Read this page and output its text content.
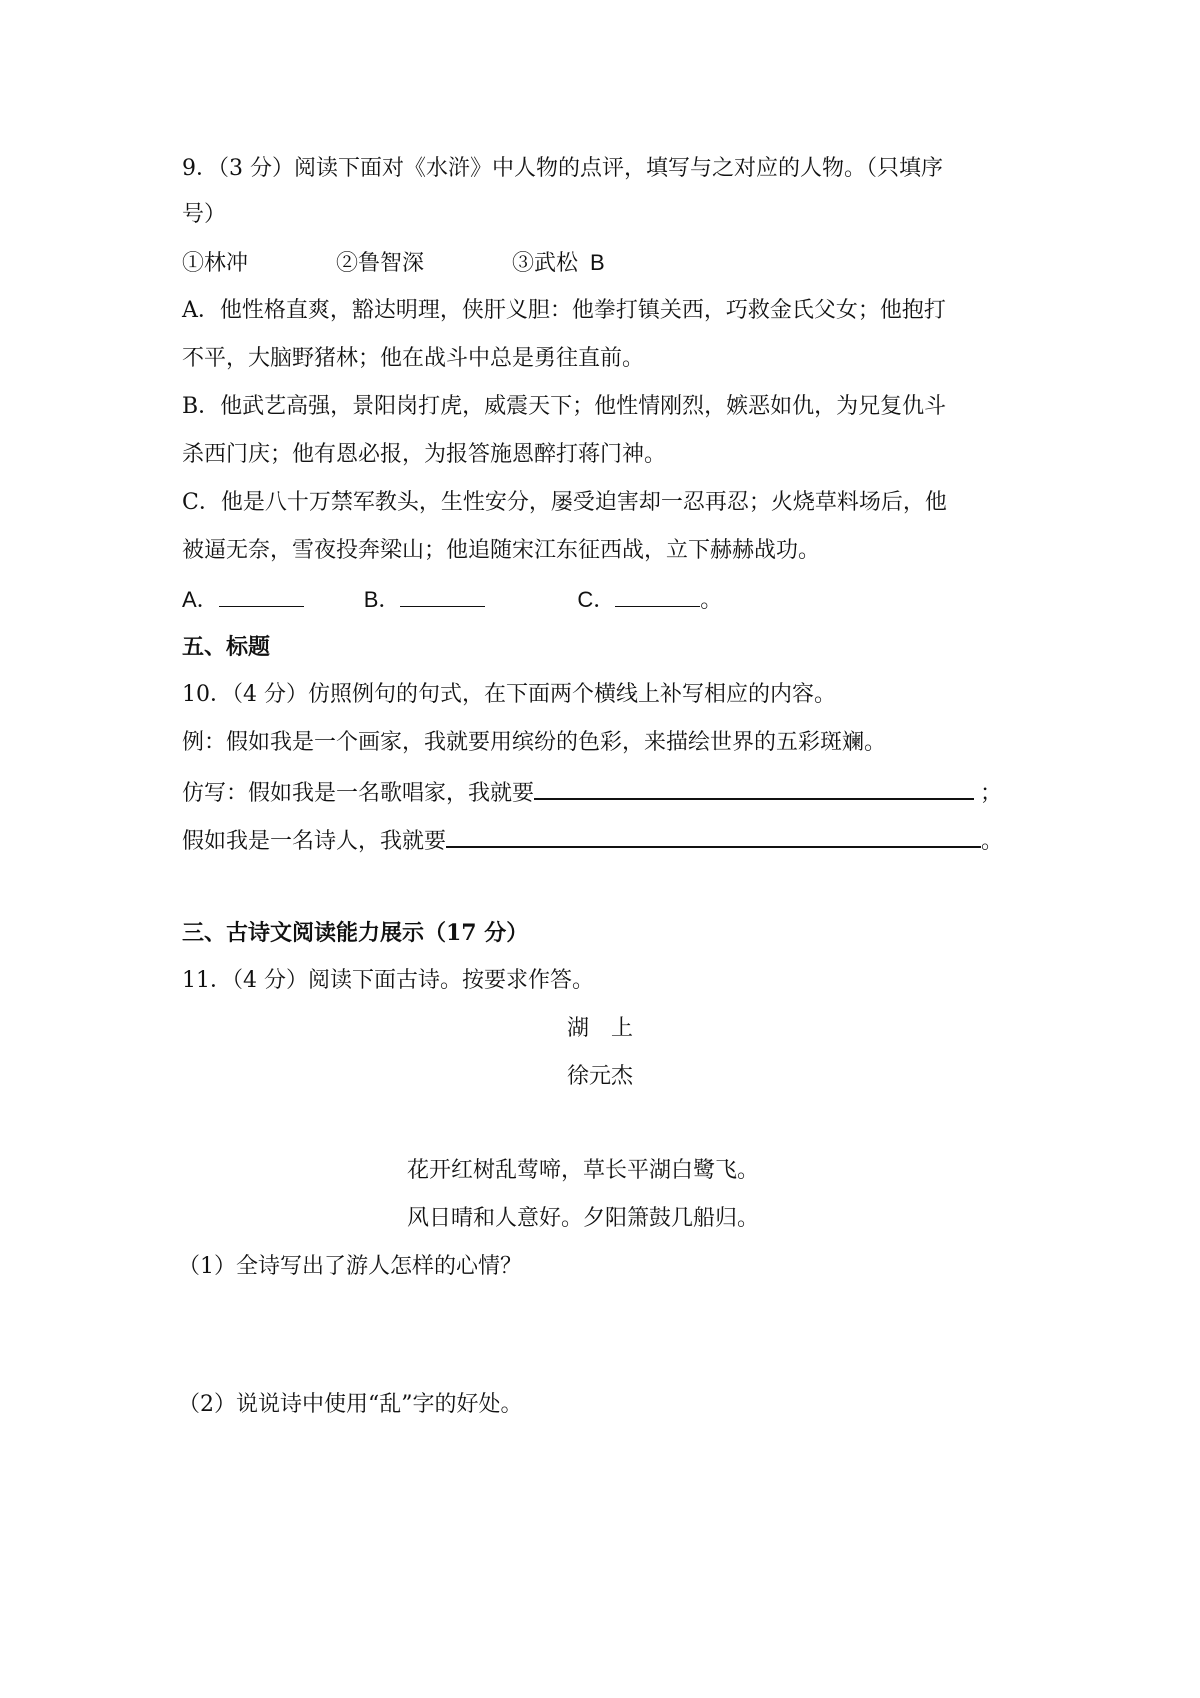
9．（3 分）阅读下面对《水浒》中人物的点评，填写与之对应的人物。（只填序
号）
①林冲	②鲁智深	③武松 B
A．他性格直爽，豁达明理，侠肝义胆：他拳打镇关西，巧救金氏父女；他抱打
不平，大脑野猪林；他在战斗中总是勇往直前。
B．他武艺高强，景阳岗打虎，威震天下；他性情刚烈，嫉恶如仇，为兄复仇斗
杀西门庆；他有恩必报，为报答施恩醉打蒋门神。
C．他是八十万禁军教头，生性安分，屡受迫害却一忍再忍；火烧草料场后，他
被逼无奈，雪夜投奔梁山；他追随宋江东征西战，立下赫赫战功。
A．	B．	C．	。
五、标题
10．（4 分）仿照例句的句式，在下面两个横线上补写相应的内容。
例：假如我是一个画家，我就要用缤纷的色彩，来描绘世界的五彩斑斓。
仿写：假如我是一名歌唱家，我就要	；
假如我是一名诗人，我就要	。
三、古诗文阅读能力展示（17 分）
11．（4 分）阅读下面古诗。按要求作答。
湖　上
徐元杰
花开红树乱莺啼，草长平湖白鹭飞。
风日晴和人意好。夕阳箫鼓几船归。
（1）全诗写出了游人怎样的心情？
（2）说说诗中使用“乱”字的好处。
